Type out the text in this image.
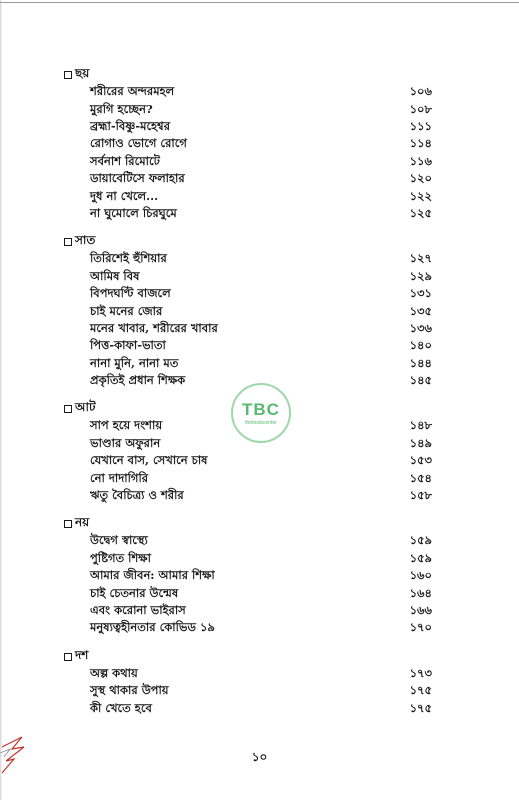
ছয়
শরীরের অন্দরমহল	১০৬
মুরগি হচ্ছেন?	১০৮
ব্রহ্মা-বিষ্ণু-মহেশ্বর	১১১
রোগাও ভোগে রোগে	১১৪
সর্বনাশ রিমোটে	১১৬
ডায়াবেটিসে ফলাহার	১২০
দুধ না খেলে...	১২২
না ঘুমোলে চিরঘুমে	১২৫
সাত
তিরিশেই হুঁশিয়ার	১২৭
আমিষ বিষ	১২৯
বিপদঘণ্টি বাজলে	১৩১
চাই মনের জোর	১৩৫
মনের খাবার, শরীরের খাবার	১৩৬
পিত্ত-কাফা-ভাতা	১৪০
নানা মুনি, নানা মত	১৪৪
প্রকৃতিই প্রধান শিক্ষক	১৪৫
আট
সাপ হয়ে দংশায়	১৪৮
ভাণ্ডার অফুরান	১৪৯
যেখানে বাস, সেখানে চাষ	১৫৩
নো দাদাগিরি	১৫৪
ঋতু বৈচিত্র্য ও শরীর	১৫৮
নয়
উদ্বেগ স্বাস্থ্যে	১৫৯
পুষ্টিগত শিক্ষা	১৫৯
আমার জীবন: আমার শিক্ষা	১৬০
চাই চেতনার উন্মেষ	১৬৪
এবং করোনা ভাইরাস	১৬৬
মনুষ্যত্বহীনতার কোভিড ১৯	১৭০
দশ
অল্প কথায়	১৭৩
সুস্থ থাকার উপায়	১৭৫
কী খেতে হবে	১৭৫
TBC
thebookcenter
১০
